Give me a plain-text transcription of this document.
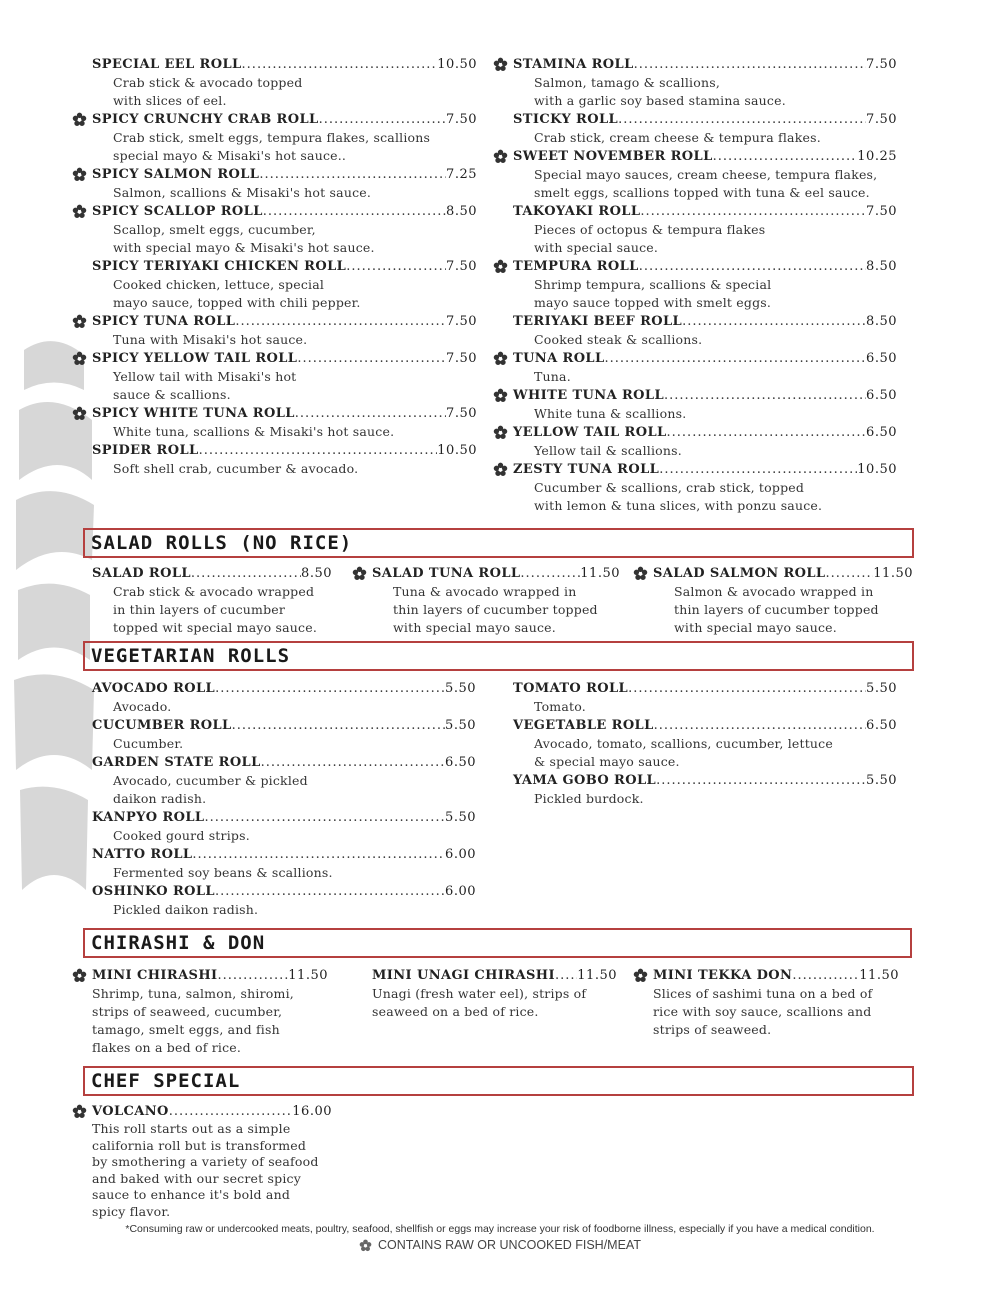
SPECIAL EEL ROLL .....	10.50
Crab stick & avocado topped
with slices of eel.
SPICY CRUNCHY CRAB ROLL .....	7.50
Crab stick, smelt eggs, tempura flakes, scallions
special mayo & Misaki's hot sauce..
SPICY SALMON ROLL .....	7.25
Salmon, scallions & Misaki's hot sauce.
SPICY SCALLOP ROLL .....	8.50
Scallop, smelt eggs, cucumber,
with special mayo & Misaki's hot sauce.
SPICY TERIYAKI CHICKEN ROLL .....	7.50
Cooked chicken, lettuce, special
mayo sauce, topped with chili pepper.
SPICY TUNA ROLL .....	7.50
Tuna with Misaki's hot sauce.
SPICY YELLOW TAIL ROLL .....	7.50
Yellow tail with Misaki's hot
sauce & scallions.
SPICY WHITE TUNA ROLL .....	7.50
White tuna, scallions & Misaki's hot sauce.
SPIDER ROLL .....	10.50
Soft shell crab, cucumber & avocado.
STAMINA ROLL .....	7.50
Salmon, tamago & scallions,
with a garlic soy based stamina sauce.
STICKY ROLL .....	7.50
Crab stick, cream cheese & tempura flakes.
SWEET NOVEMBER ROLL .....	10.25
Special mayo sauces, cream cheese, tempura flakes,
smelt eggs, scallions topped with tuna & eel sauce.
TAKOYAKI ROLL .....	7.50
Pieces of octopus & tempura flakes
with special sauce.
TEMPURA ROLL .....	8.50
Shrimp tempura, scallions & special
mayo sauce topped with smelt eggs.
TERIYAKI BEEF ROLL .....	8.50
Cooked steak & scallions.
TUNA ROLL .....	6.50
Tuna.
WHITE TUNA ROLL .....	6.50
White tuna & scallions.
YELLOW TAIL ROLL .....	6.50
Yellow tail & scallions.
ZESTY TUNA ROLL .....	10.50
Cucumber & scallions, crab stick, topped
with lemon & tuna slices, with ponzu sauce.
SALAD ROLLS (NO RICE)
SALAD ROLL .....	8.50
Crab stick & avocado wrapped
in thin layers of cucumber
topped wit special mayo sauce.
SALAD TUNA ROLL .....	11.50
Tuna & avocado wrapped in
thin layers of cucumber topped
with special mayo sauce.
SALAD SALMON ROLL .....	11.50
Salmon & avocado wrapped in
thin layers of cucumber topped
with special mayo sauce.
VEGETARIAN ROLLS
AVOCADO ROLL .....	5.50
Avocado.
CUCUMBER ROLL .....	5.50
Cucumber.
GARDEN STATE ROLL .....	6.50
Avocado, cucumber & pickled
daikon radish.
KANPYO ROLL .....	5.50
Cooked gourd strips.
NATTO ROLL .....	6.00
Fermented soy beans & scallions.
OSHINKO ROLL .....	6.00
Pickled daikon radish.
TOMATO ROLL .....	5.50
Tomato.
VEGETABLE ROLL .....	6.50
Avocado, tomato, scallions, cucumber, lettuce
& special mayo sauce.
YAMA GOBO ROLL .....	5.50
Pickled burdock.
CHIRASHI & DON
MINI CHIRASHI .....	11.50
Shrimp, tuna, salmon, shiromi,
strips of seaweed, cucumber,
tamago, smelt eggs, and fish
flakes on a bed of rice.
MINI UNAGI CHIRASHI ..... 11.50
Unagi (fresh water eel), strips of
seaweed on a bed of rice.
MINI TEKKA DON .....	11.50
Slices of sashimi tuna on a bed of
rice with soy sauce, scallions and
strips of seaweed.
CHEF SPECIAL
VOLCANO .....	16.00
This roll starts out as a simple
california roll but is transformed
by smothering a variety of seafood
and baked with our secret spicy
sauce to enhance it's bold and
spicy flavor.
*Consuming raw or undercooked meats, poultry, seafood, shellfish or eggs may increase your risk of foodborne illness, especially if you have a medical condition.
CONTAINS RAW OR UNCOOKED FISH/MEAT
